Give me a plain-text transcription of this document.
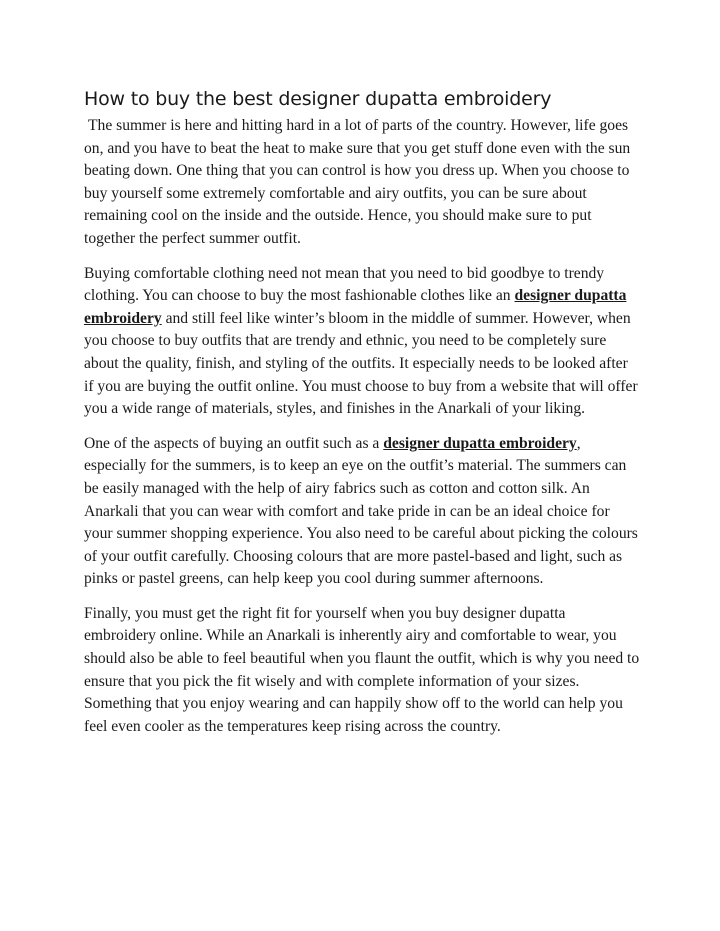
How to buy the best designer dupatta embroidery

The summer is here and hitting hard in a lot of parts of the country. However, life goes on, and you have to beat the heat to make sure that you get stuff done even with the sun beating down. One thing that you can control is how you dress up. When you choose to buy yourself some extremely comfortable and airy outfits, you can be sure about remaining cool on the inside and the outside. Hence, you should make sure to put together the perfect summer outfit.

Buying comfortable clothing need not mean that you need to bid goodbye to trendy clothing. You can choose to buy the most fashionable clothes like an designer dupatta embroidery and still feel like winter’s bloom in the middle of summer. However, when you choose to buy outfits that are trendy and ethnic, you need to be completely sure about the quality, finish, and styling of the outfits. It especially needs to be looked after if you are buying the outfit online. You must choose to buy from a website that will offer you a wide range of materials, styles, and finishes in the Anarkali of your liking.

One of the aspects of buying an outfit such as a designer dupatta embroidery, especially for the summers, is to keep an eye on the outfit’s material. The summers can be easily managed with the help of airy fabrics such as cotton and cotton silk. An Anarkali that you can wear with comfort and take pride in can be an ideal choice for your summer shopping experience. You also need to be careful about picking the colours of your outfit carefully. Choosing colours that are more pastel-based and light, such as pinks or pastel greens, can help keep you cool during summer afternoons.

Finally, you must get the right fit for yourself when you buy designer dupatta embroidery online. While an Anarkali is inherently airy and comfortable to wear, you should also be able to feel beautiful when you flaunt the outfit, which is why you need to ensure that you pick the fit wisely and with complete information of your sizes. Something that you enjoy wearing and can happily show off to the world can help you feel even cooler as the temperatures keep rising across the country.
